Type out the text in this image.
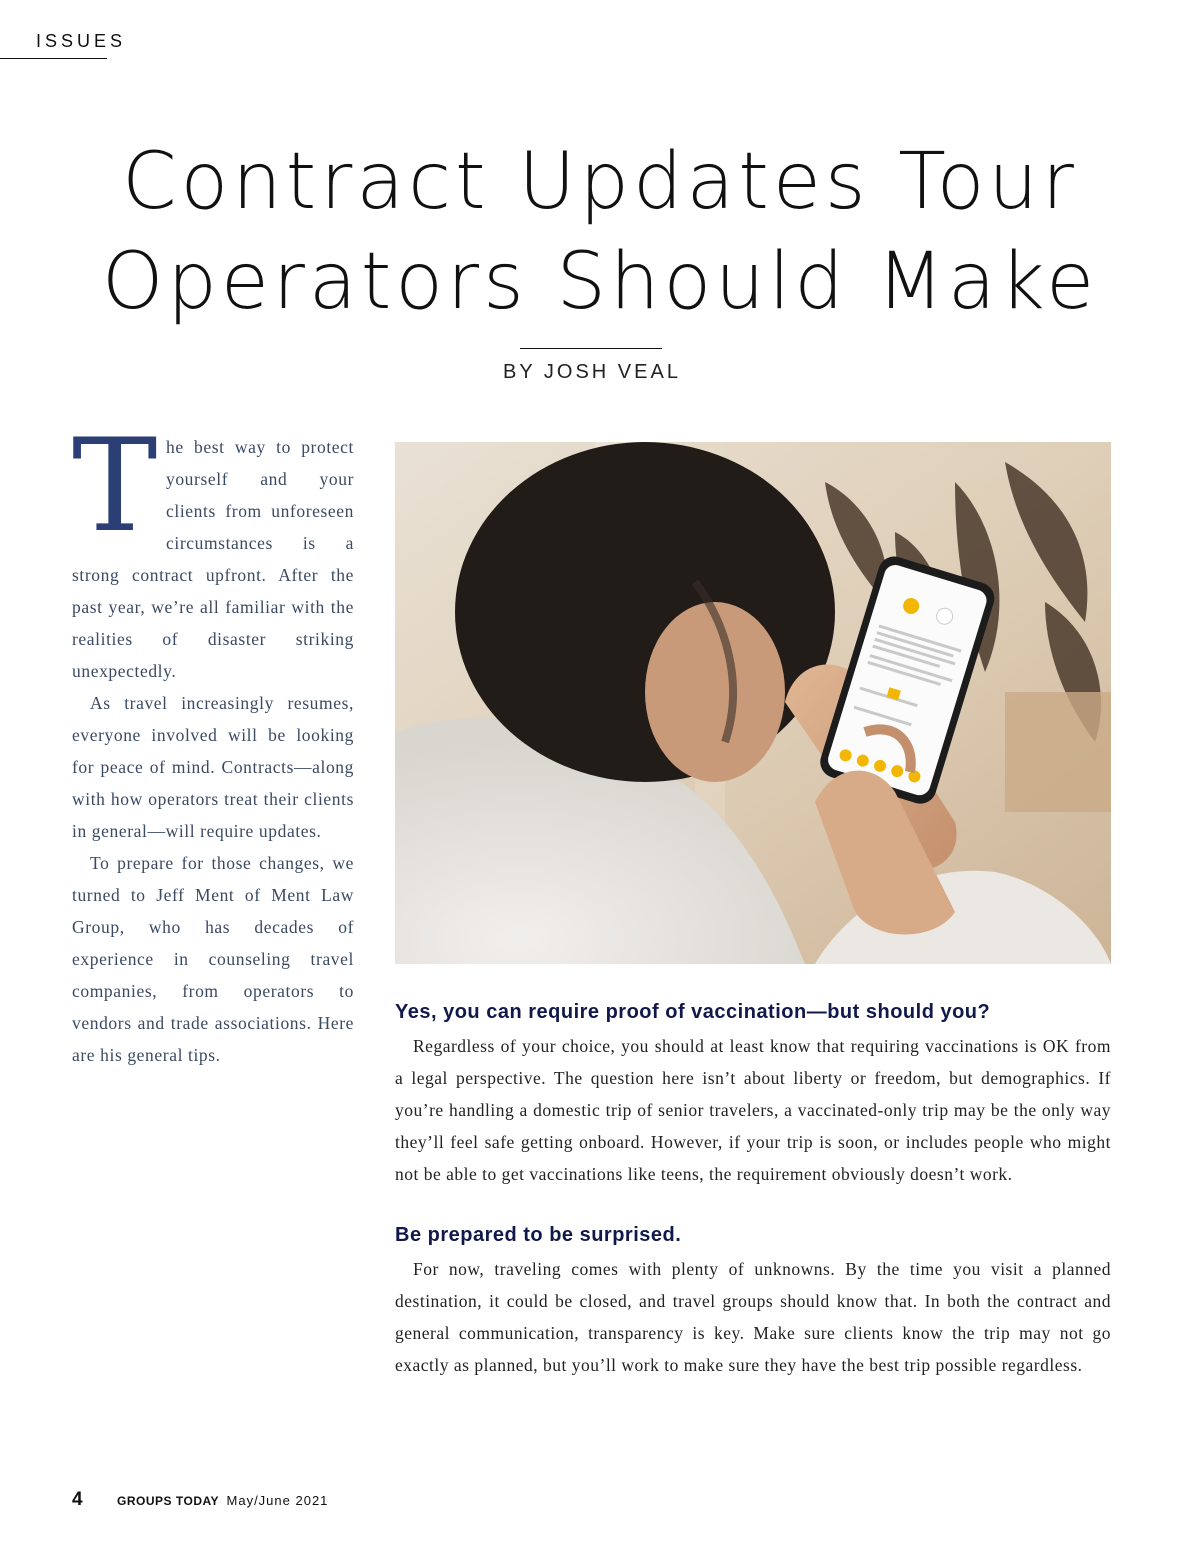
ISSUES
Contract Updates Tour
Operators Should Make
BY JOSH VEAL

T he best way to protect yourself and your clients from unforeseen circumstances is a strong contract upfront. After the past year, we’re all familiar with the realities of disaster striking unexpectedly.

As travel increasingly resumes, everyone involved will be looking for peace of mind. Contracts—along with how operators treat their clients in general—will require updates.

To prepare for those changes, we turned to Jeff Ment of Ment Law Group, who has decades of experience in counseling travel companies, from operators to vendors and trade associations. Here are his general tips.

Yes, you can require proof of vaccination—but should you?

Regardless of your choice, you should at least know that requiring vaccinations is OK from a legal perspective. The question here isn’t about liberty or freedom, but demographics. If you’re handling a domestic trip of senior travelers, a vaccinated-only trip may be the only way they’ll feel safe getting onboard. However, if your trip is soon, or includes people who might not be able to get vaccinations like teens, the requirement obviously doesn’t work.

Be prepared to be surprised.

For now, traveling comes with plenty of unknowns. By the time you visit a planned destination, it could be closed, and travel groups should know that. In both the contract and general communication, transparency is key. Make sure clients know the trip may not go exactly as planned, but you’ll work to make sure they have the best trip possible regardless.

4	GROUPS TODAY May/June 2021
